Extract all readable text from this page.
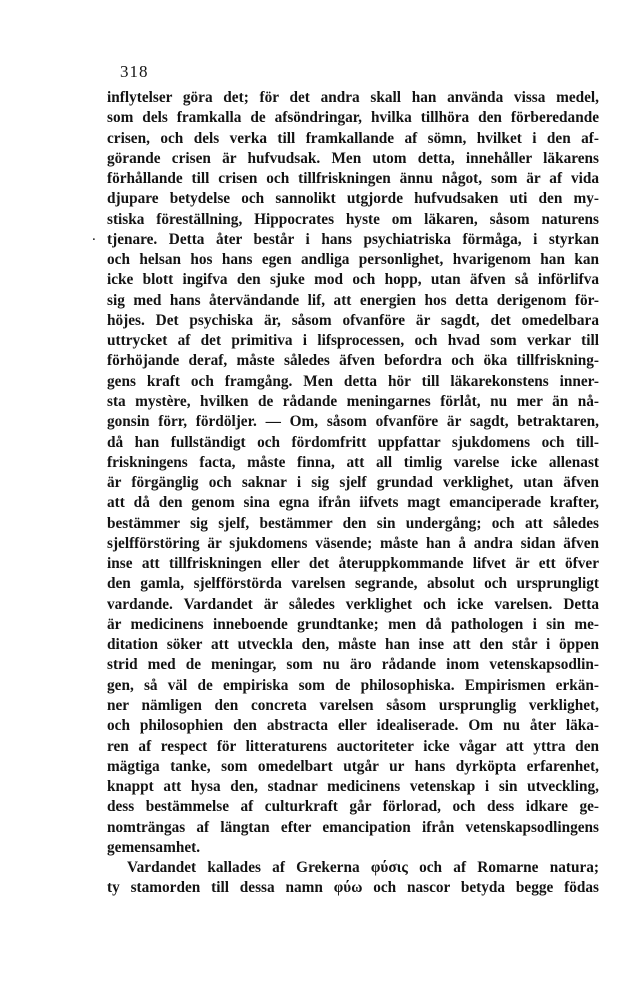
318
.
inflytelser göra det; för det andra skall han använda vissa medel,
som dels framkalla de afsöndringar, hvilka tillhöra den förberedande
crisen, och dels verka till framkallande af sömn, hvilket i den af-
görande crisen är hufvudsak. Men utom detta, innehåller läkarens
förhållande till crisen och tillfriskningen ännu något, som är af vida
djupare betydelse och sannolikt utgjorde hufvudsaken uti den my-
stiska föreställning, Hippocrates hyste om läkaren, såsom naturens
tjenare. Detta åter består i hans psychiatriska förmåga, i styrkan
och helsan hos hans egen andliga personlighet, hvarigenom han kan
icke blott ingifva den sjuke mod och hopp, utan äfven så införlifva
sig med hans återvändande lif, att energien hos detta derigenom för-
höjes. Det psychiska är, såsom ofvanföre är sagdt, det omedelbara
uttrycket af det primitiva i lifsprocessen, och hvad som verkar till
förhöjande deraf, måste således äfven befordra och öka tillfriskning-
gens kraft och framgång. Men detta hör till läkarekonstens inner-
sta mystère, hvilken de rådande meningarnes förlåt, nu mer än nå-
gonsin förr, fördöljer. — Om, såsom ofvanföre är sagdt, betraktaren,
då han fullständigt och fördomfritt uppfattar sjukdomens och till-
friskningens facta, måste finna, att all timlig varelse icke allenast
är förgänglig och saknar i sig sjelf grundad verklighet, utan äfven
att då den genom sina egna ifrån iifvets magt emanciperade krafter,
bestämmer sig sjelf, bestämmer den sin undergång; och att således
sjelfförstöring är sjukdomens väsende; måste han å andra sidan äfven
inse att tillfriskningen eller det återuppkommande lifvet är ett öfver
den gamla, sjelfförstörda varelsen segrande, absolut och ursprungligt
vardande. Vardandet är således verklighet och icke varelsen. Detta
är medicinens inneboende grundtanke; men då pathologen i sin me-
ditation söker att utveckla den, måste han inse att den står i öppen
strid med de meningar, som nu äro rådande inom vetenskapsodlin-
gen, så väl de empiriska som de philosophiska. Empirismen erkän-
ner nämligen den concreta varelsen såsom ursprunglig verklighet,
och philosophien den abstracta eller idealiserade. Om nu åter läka-
ren af respect för litteraturens auctoriteter icke vågar att yttra den
mägtiga tanke, som omedelbart utgår ur hans dyrköpta erfarenhet,
knappt att hysa den, stadnar medicinens vetenskap i sin utveckling,
dess bestämmelse af culturkraft går förlorad, och dess idkare ge-
nomträngas af längtan efter emancipation ifrån vetenskapsodlingens
gemensamhet.
Vardandet kallades af Grekerna φύσις och af Romarne natura;
ty stamorden till dessa namn φύω och nascor betyda begge födas
